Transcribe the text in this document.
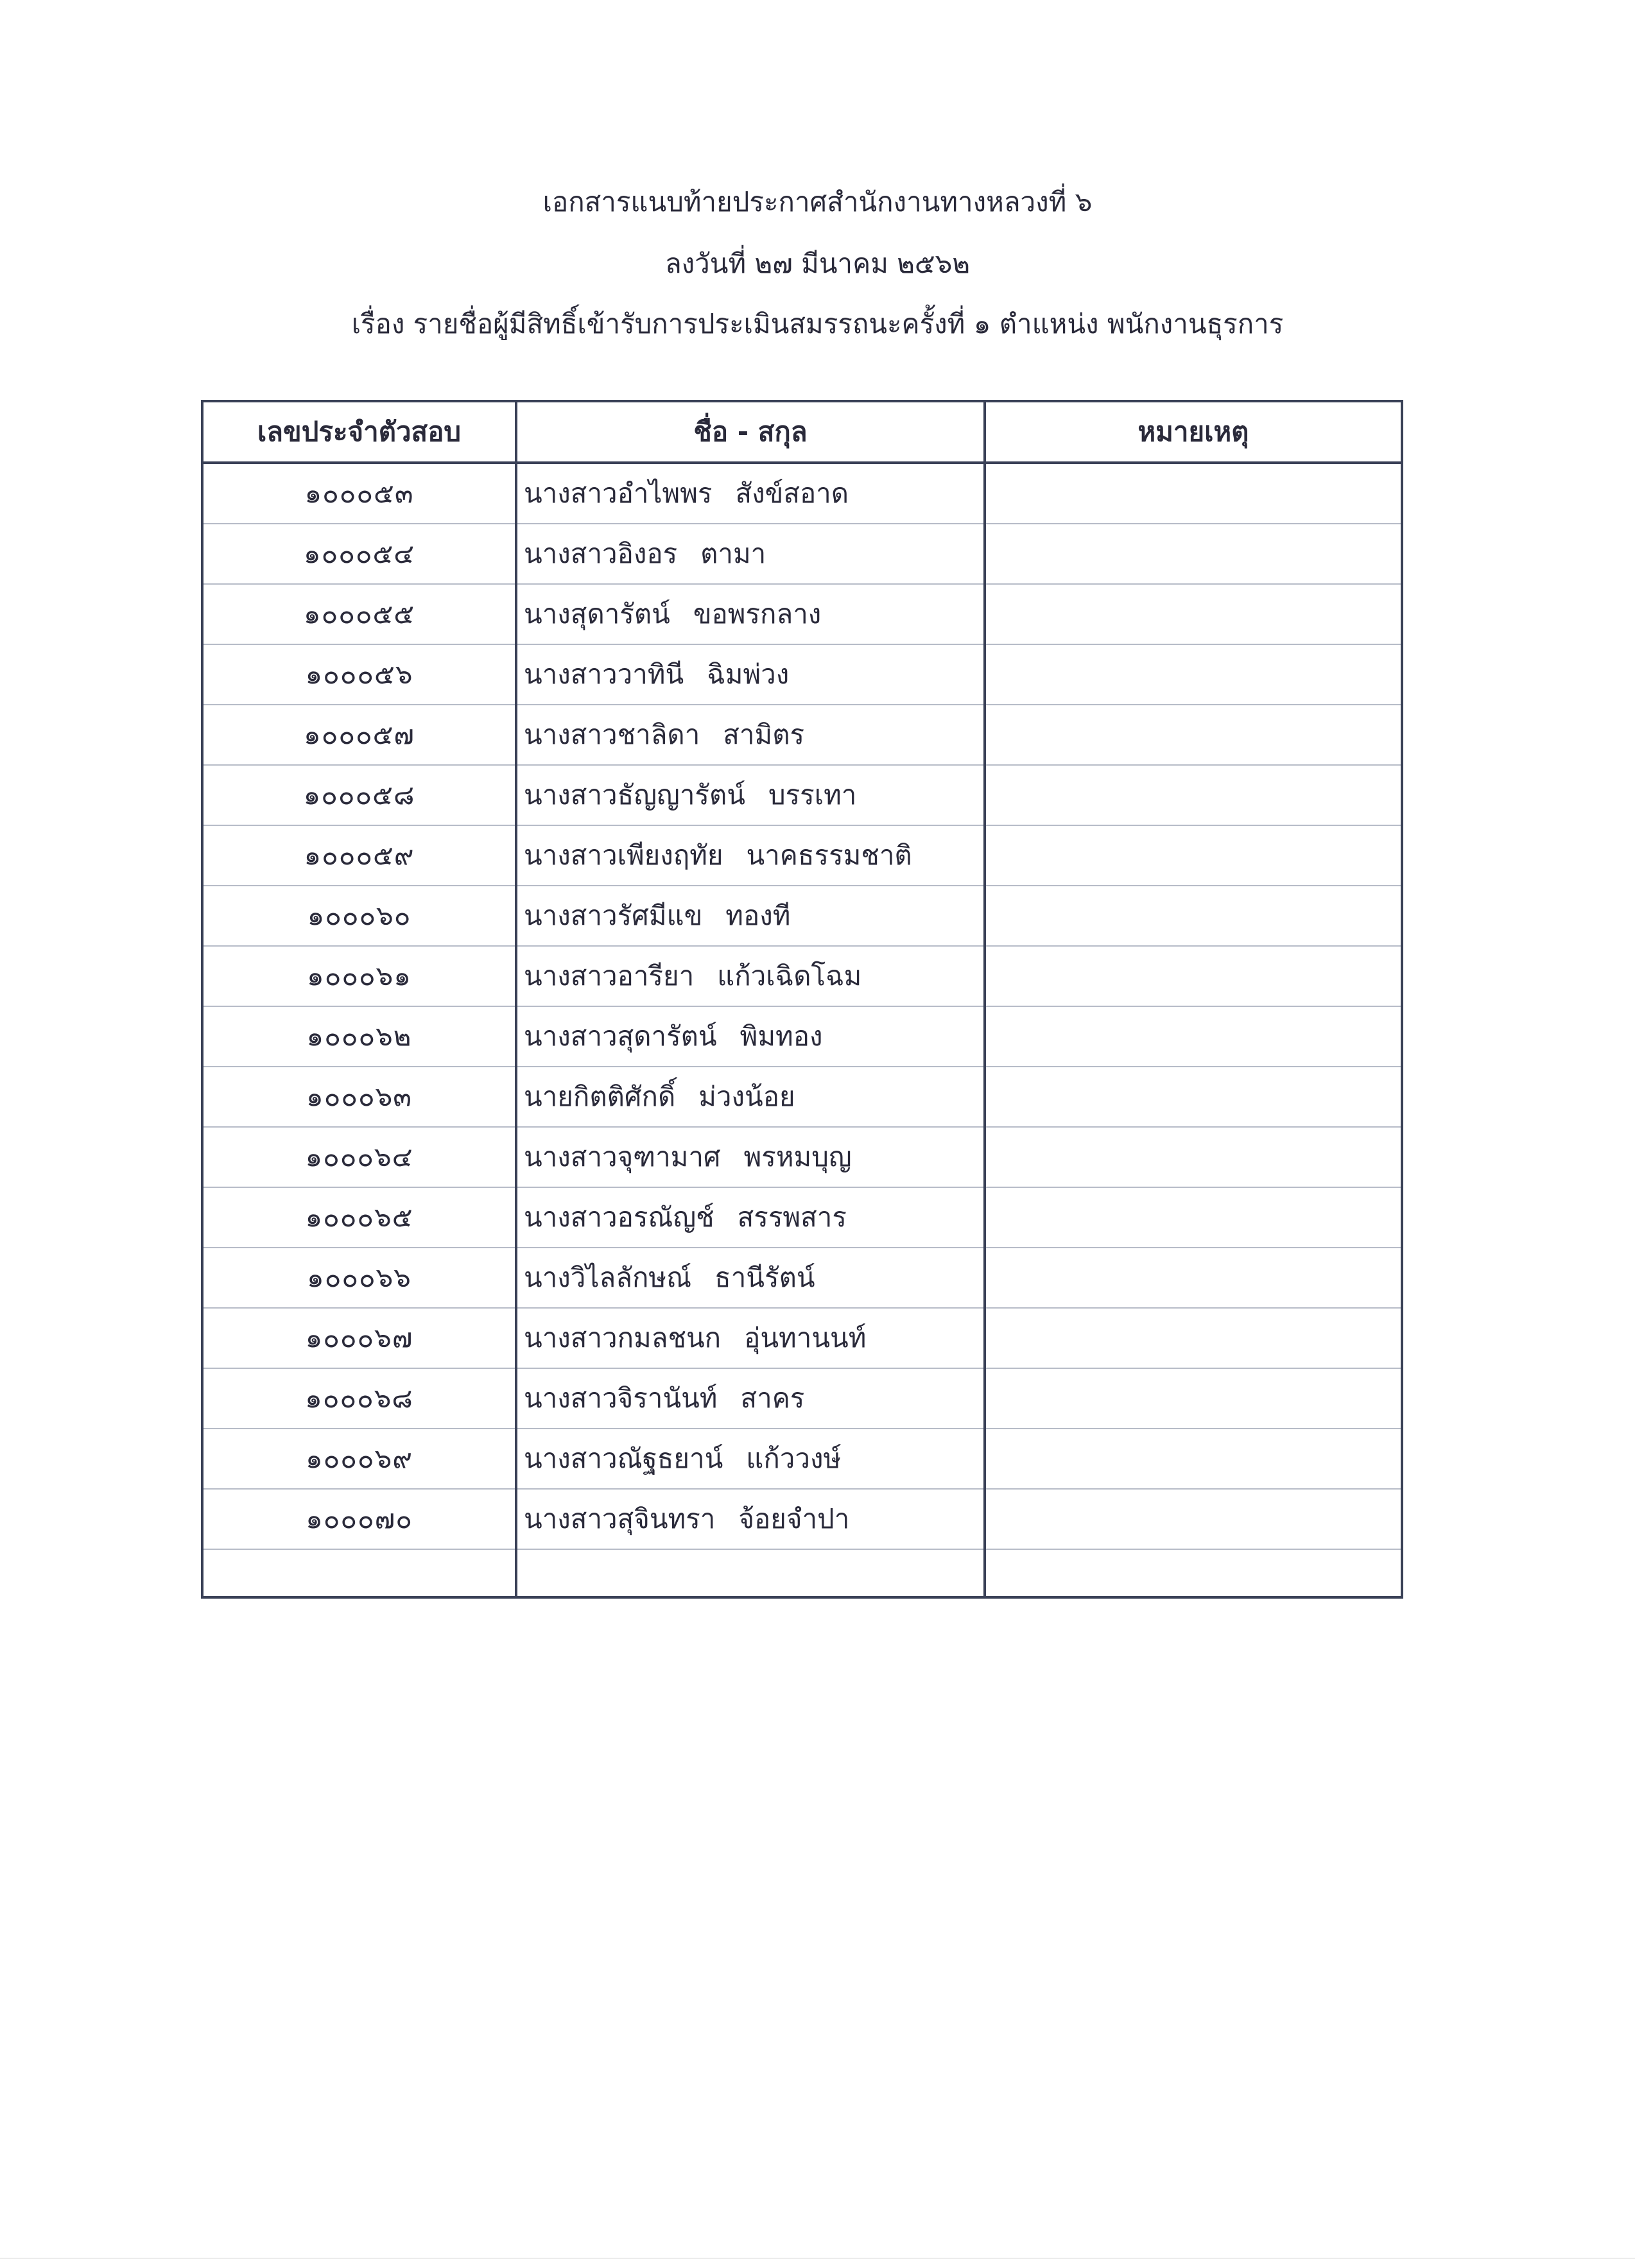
เอกสารแนบท้ายประกาศสำนักงานทางหลวงที่ ๖
ลงวันที่ ๒๗ มีนาคม ๒๕๖๒
เรื่อง รายชื่อผู้มีสิทธิ์เข้ารับการประเมินสมรรถนะครั้งที่ ๑ ตำแหน่ง พนักงานธุรการ
เลขประจำตัวสอบ	ชื่อ - สกุล	หมายเหตุ
๑๐๐๐๕๓	นางสาวอำไพพร สังข์สอาด	
๑๐๐๐๕๔	นางสาวอิงอร ตามา	
๑๐๐๐๕๕	นางสุดารัตน์ ขอพรกลาง	
๑๐๐๐๕๖	นางสาววาทินี ฉิมพ่วง	
๑๐๐๐๕๗	นางสาวชาลิดา สามิตร	
๑๐๐๐๕๘	นางสาวธัญญารัตน์ บรรเทา	
๑๐๐๐๕๙	นางสาวเพียงฤทัย นาคธรรมชาติ	
๑๐๐๐๖๐	นางสาวรัศมีแข ทองที	
๑๐๐๐๖๑	นางสาวอารียา แก้วเฉิดโฉม	
๑๐๐๐๖๒	นางสาวสุดารัตน์ พิมทอง	
๑๐๐๐๖๓	นายกิตติศักดิ์ ม่วงน้อย	
๑๐๐๐๖๔	นางสาวจุฑามาศ พรหมบุญ	
๑๐๐๐๖๕	นางสาวอรณัญช์ สรรพสาร	
๑๐๐๐๖๖	นางวิไลลักษณ์ ธานีรัตน์	
๑๐๐๐๖๗	นางสาวกมลชนก อุ่นทานนท์	
๑๐๐๐๖๘	นางสาวจิรานันท์ สาคร	
๑๐๐๐๖๙	นางสาวณัฐธยาน์ แก้ววงษ์	
๑๐๐๐๗๐	นางสาวสุจินทรา จ้อยจำปา	
